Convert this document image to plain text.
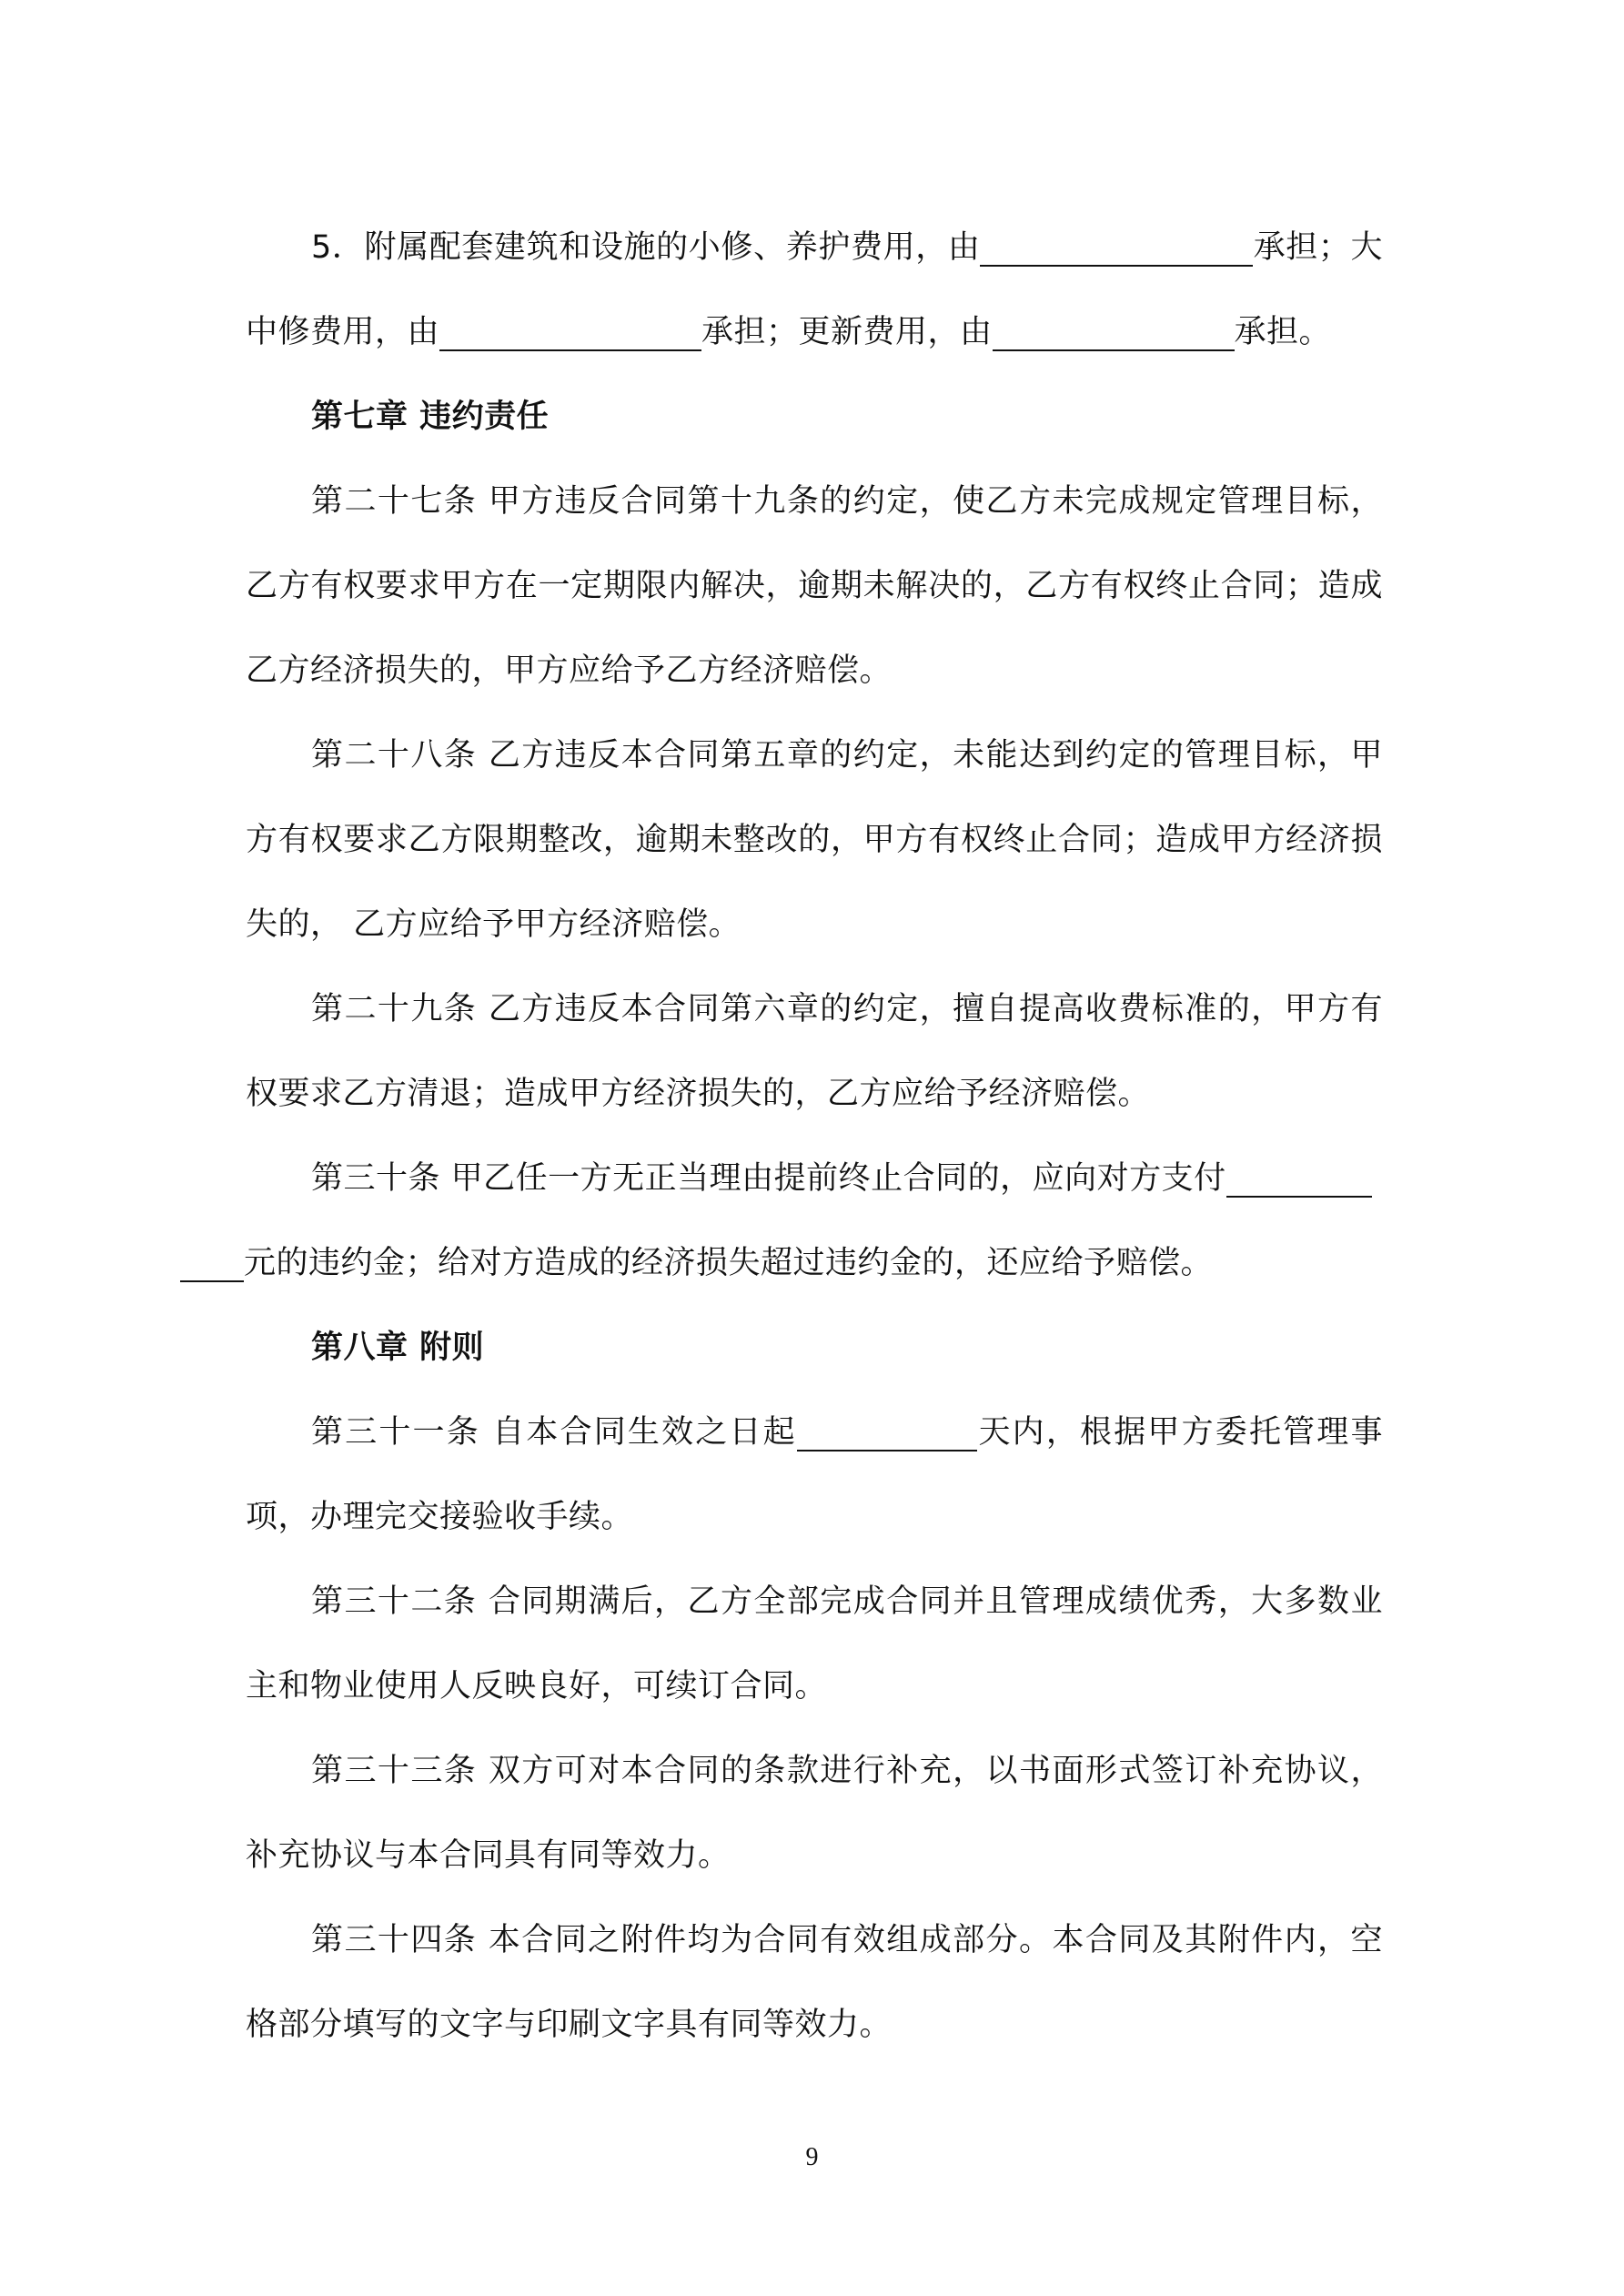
5．附属配套建筑和设施的小修、养护费用，由	承担；大中修费用，由	承担；更新费用，由	承担。

第七章 违约责任

第二十七条 甲方违反合同第十九条的约定，使乙方未完成规定管理目标，乙方有权要求甲方在一定期限内解决，逾期未解决的，乙方有权终止合同；造成乙方经济损失的，甲方应给予乙方经济赔偿。

第二十八条 乙方违反本合同第五章的约定，未能达到约定的管理目标，甲方有权要求乙方限期整改，逾期未整改的，甲方有权终止合同；造成甲方经济损失的， 乙方应给予甲方经济赔偿。

第二十九条 乙方违反本合同第六章的约定，擅自提高收费标准的，甲方有权要求乙方清退；造成甲方经济损失的，乙方应给予经济赔偿。

第三十条 甲乙任一方无正当理由提前终止合同的，应向对方支付
元的违约金；给对方造成的经济损失超过违约金的，还应给予赔偿。

第八章 附则

第三十一条 自本合同生效之日起	天内，根据甲方委托管理事项，办理完交接验收手续。

第三十二条 合同期满后，乙方全部完成合同并且管理成绩优秀，大多数业主和物业使用人反映良好，可续订合同。

第三十三条 双方可对本合同的条款进行补充，以书面形式签订补充协议，补充协议与本合同具有同等效力。

第三十四条 本合同之附件均为合同有效组成部分。本合同及其附件内，空格部分填写的文字与印刷文字具有同等效力。

9
